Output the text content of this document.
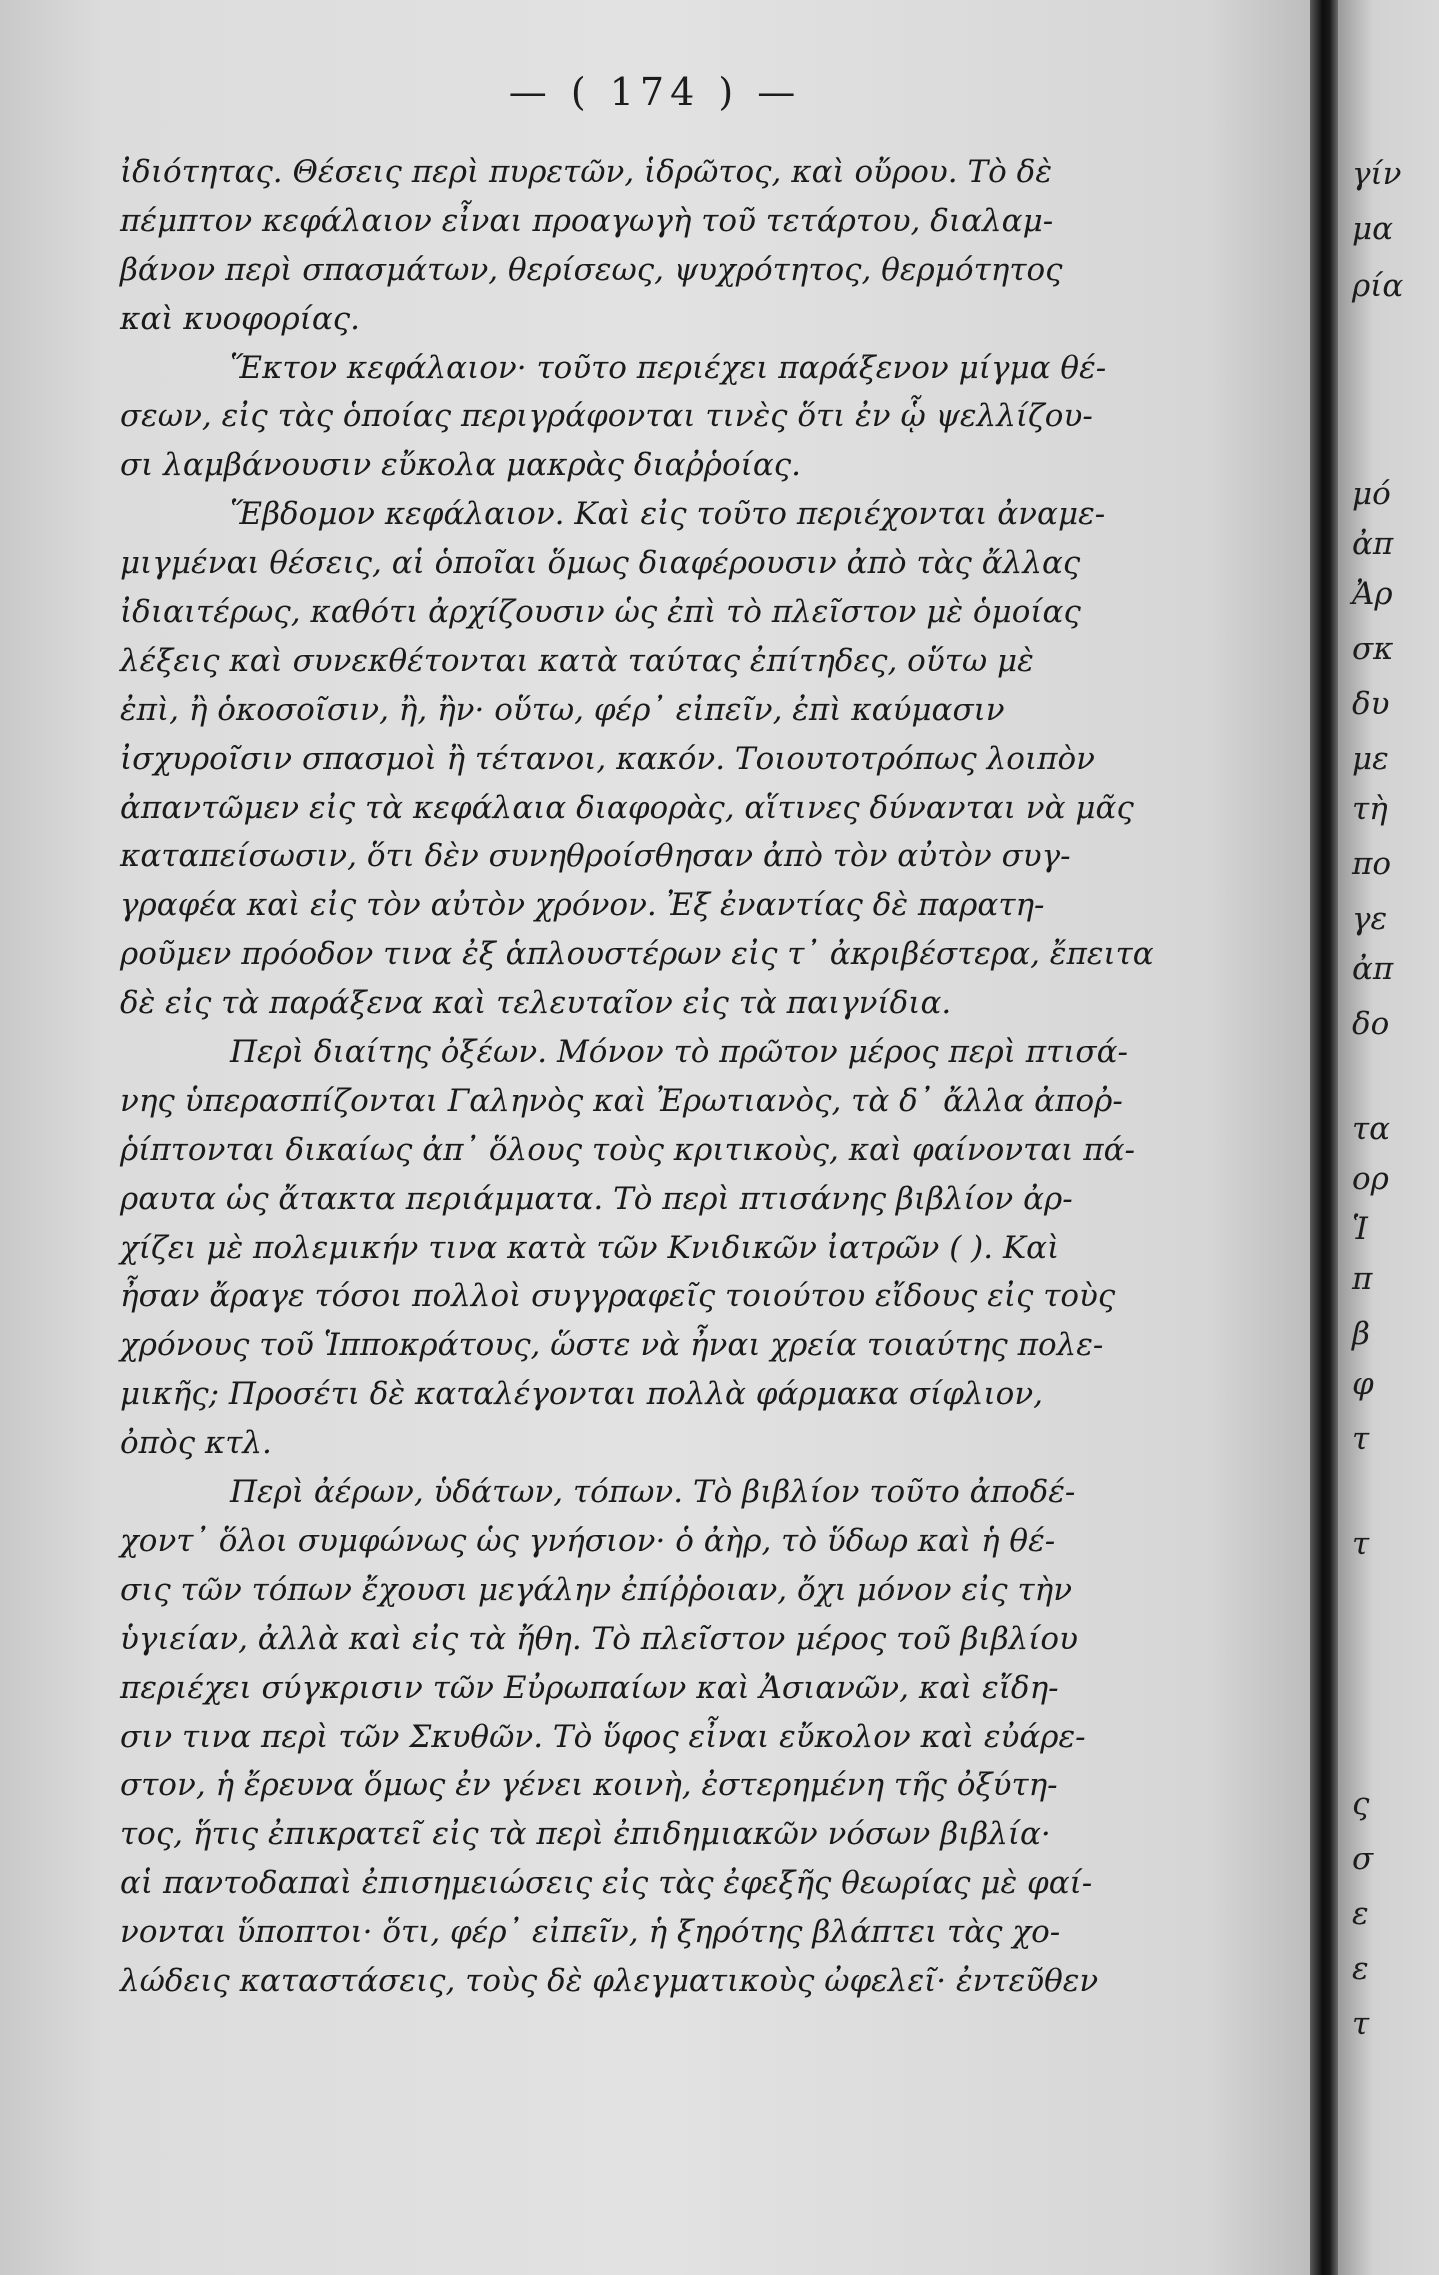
— ( 174 ) —
ἰδιότητας. Θέσεις περὶ πυρετῶν, ἱδρῶτος, καὶ οὔρου. Τὸ δὲ
πέμπτον κεφάλαιον εἶναι προαγωγὴ τοῦ τετάρτου, διαλαμ-
βάνον περὶ σπασμάτων, θερίσεως, ψυχρότητος, θερμότητος
καὶ κυοφορίας.
Ἕκτον κεφάλαιον· τοῦτο περιέχει παράξενον μίγμα θέ-
σεων, εἰς τὰς ὁποίας περιγράφονται τινὲς ὅτι ἐν ᾧ ψελλίζου-
σι λαμβάνουσιν εὔκολα μακρὰς διαῤῥοίας.
Ἕβδομον κεφάλαιον. Καὶ εἰς τοῦτο περιέχονται ἀναμε-
μιγμέναι θέσεις, αἱ ὁποῖαι ὅμως διαφέρουσιν ἀπὸ τὰς ἄλλας
ἰδιαιτέρως, καθότι ἀρχίζουσιν ὡς ἐπὶ τὸ πλεῖστον μὲ ὁμοίας
λέξεις καὶ συνεκθέτονται κατὰ ταύτας ἐπίτηδες, οὕτω μὲ
ἐπὶ, ἢ ὁκοσοῖσιν, ἢ, ἢν· οὕτω, φέρ᾽ εἰπεῖν, ἐπὶ καύμασιν
ἰσχυροῖσιν σπασμοὶ ἢ τέτανοι, κακόν. Τοιουτοτρόπως λοιπὸν
ἀπαντῶμεν εἰς τὰ κεφάλαια διαφορὰς, αἵτινες δύνανται νὰ μᾶς
καταπείσωσιν, ὅτι δὲν συνηθροίσθησαν ἀπὸ τὸν αὐτὸν συγ-
γραφέα καὶ εἰς τὸν αὐτὸν χρόνον. Ἐξ ἐναντίας δὲ παρατη-
ροῦμεν πρόοδον τινα ἐξ ἁπλουστέρων εἰς τ᾽ ἀκριβέστερα, ἔπειτα
δὲ εἰς τὰ παράξενα καὶ τελευταῖον εἰς τὰ παιγνίδια.
Περὶ διαίτης ὀξέων. Μόνον τὸ πρῶτον μέρος περὶ πτισά-
νης ὑπερασπίζονται Γαληνὸς καὶ Ἐρωτιανὸς, τὰ δ᾽ ἄλλα ἀποῤ-
ῥίπτονται δικαίως ἀπ᾽ ὅλους τοὺς κριτικοὺς, καὶ φαίνονται πά-
ραυτα ὡς ἄτακτα περιάμματα. Τὸ περὶ πτισάνης βιβλίον ἀρ-
χίζει μὲ πολεμικήν τινα κατὰ τῶν Κνιδικῶν ἰατρῶν ( ). Καὶ
ἦσαν ἄραγε τόσοι πολλοὶ συγγραφεῖς τοιούτου εἴδους εἰς τοὺς
χρόνους τοῦ Ἱπποκράτους, ὥστε νὰ ἦναι χρεία τοιαύτης πολε-
μικῆς; Προσέτι δὲ καταλέγονται πολλὰ φάρμακα σίφλιον,
ὀπὸς κτλ.
Περὶ ἀέρων, ὑδάτων, τόπων. Τὸ βιβλίον τοῦτο ἀποδέ-
χοντ᾽ ὅλοι συμφώνως ὡς γνήσιον· ὁ ἀὴρ, τὸ ὕδωρ καὶ ἡ θέ-
σις τῶν τόπων ἔχουσι μεγάλην ἐπίῤῥοιαν, ὄχι μόνον εἰς τὴν
ὑγιείαν, ἀλλὰ καὶ εἰς τὰ ἤθη. Τὸ πλεῖστον μέρος τοῦ βιβλίου
περιέχει σύγκρισιν τῶν Εὐρωπαίων καὶ Ἀσιανῶν, καὶ εἴδη-
σιν τινα περὶ τῶν Σκυθῶν. Τὸ ὕφος εἶναι εὔκολον καὶ εὐάρε-
στον, ἡ ἔρευνα ὅμως ἐν γένει κοινὴ, ἐστερημένη τῆς ὀξύτη-
τος, ἥτις ἐπικρατεῖ εἰς τὰ περὶ ἐπιδημιακῶν νόσων βιβλία·
αἱ παντοδαπαὶ ἐπισημειώσεις εἰς τὰς ἐφεξῆς θεωρίας μὲ φαί-
νονται ὕποπτοι· ὅτι, φέρ᾽ εἰπεῖν, ἡ ξηρότης βλάπτει τὰς χο-
λώδεις καταστάσεις, τοὺς δὲ φλεγματικοὺς ὠφελεῖ· ἐντεῦθεν
γίν
μα
ρία
μό
ἀπ
Ἀρ
σκ
δυ
με
τὴ
πο
γε
ἀπ
δο
τα
ορ
Ἱ
π
β
φ
τ
τ
ς
σ
ε
ε
τ
